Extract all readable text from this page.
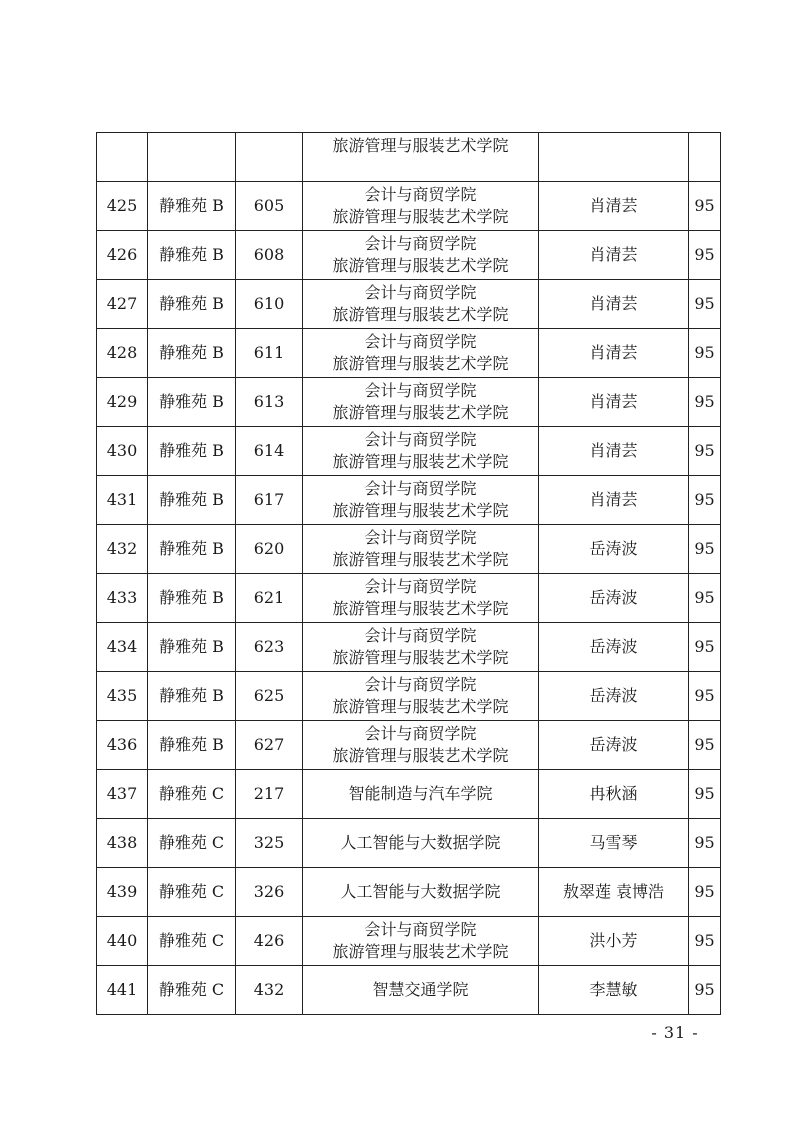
			旅游管理与服装艺术学院		

425	静雅苑 B	605	会计与商贸学院
旅游管理与服装艺术学院	肖清芸	95
426	静雅苑 B	608	会计与商贸学院
旅游管理与服装艺术学院	肖清芸	95
427	静雅苑 B	610	会计与商贸学院
旅游管理与服装艺术学院	肖清芸	95
428	静雅苑 B	611	会计与商贸学院
旅游管理与服装艺术学院	肖清芸	95
429	静雅苑 B	613	会计与商贸学院
旅游管理与服装艺术学院	肖清芸	95
430	静雅苑 B	614	会计与商贸学院
旅游管理与服装艺术学院	肖清芸	95
431	静雅苑 B	617	会计与商贸学院
旅游管理与服装艺术学院	肖清芸	95
432	静雅苑 B	620	会计与商贸学院
旅游管理与服装艺术学院	岳涛波	95
433	静雅苑 B	621	会计与商贸学院
旅游管理与服装艺术学院	岳涛波	95
434	静雅苑 B	623	会计与商贸学院
旅游管理与服装艺术学院	岳涛波	95
435	静雅苑 B	625	会计与商贸学院
旅游管理与服装艺术学院	岳涛波	95
436	静雅苑 B	627	会计与商贸学院
旅游管理与服装艺术学院	岳涛波	95
437	静雅苑 C	217	智能制造与汽车学院	冉秋涵	95
438	静雅苑 C	325	人工智能与大数据学院	马雪琴	95
439	静雅苑 C	326	人工智能与大数据学院	敖翠莲 袁博浩	95
440	静雅苑 C	426	会计与商贸学院
旅游管理与服装艺术学院	洪小芳	95
441	静雅苑 C	432	智慧交通学院	李慧敏	95
- 31 -
